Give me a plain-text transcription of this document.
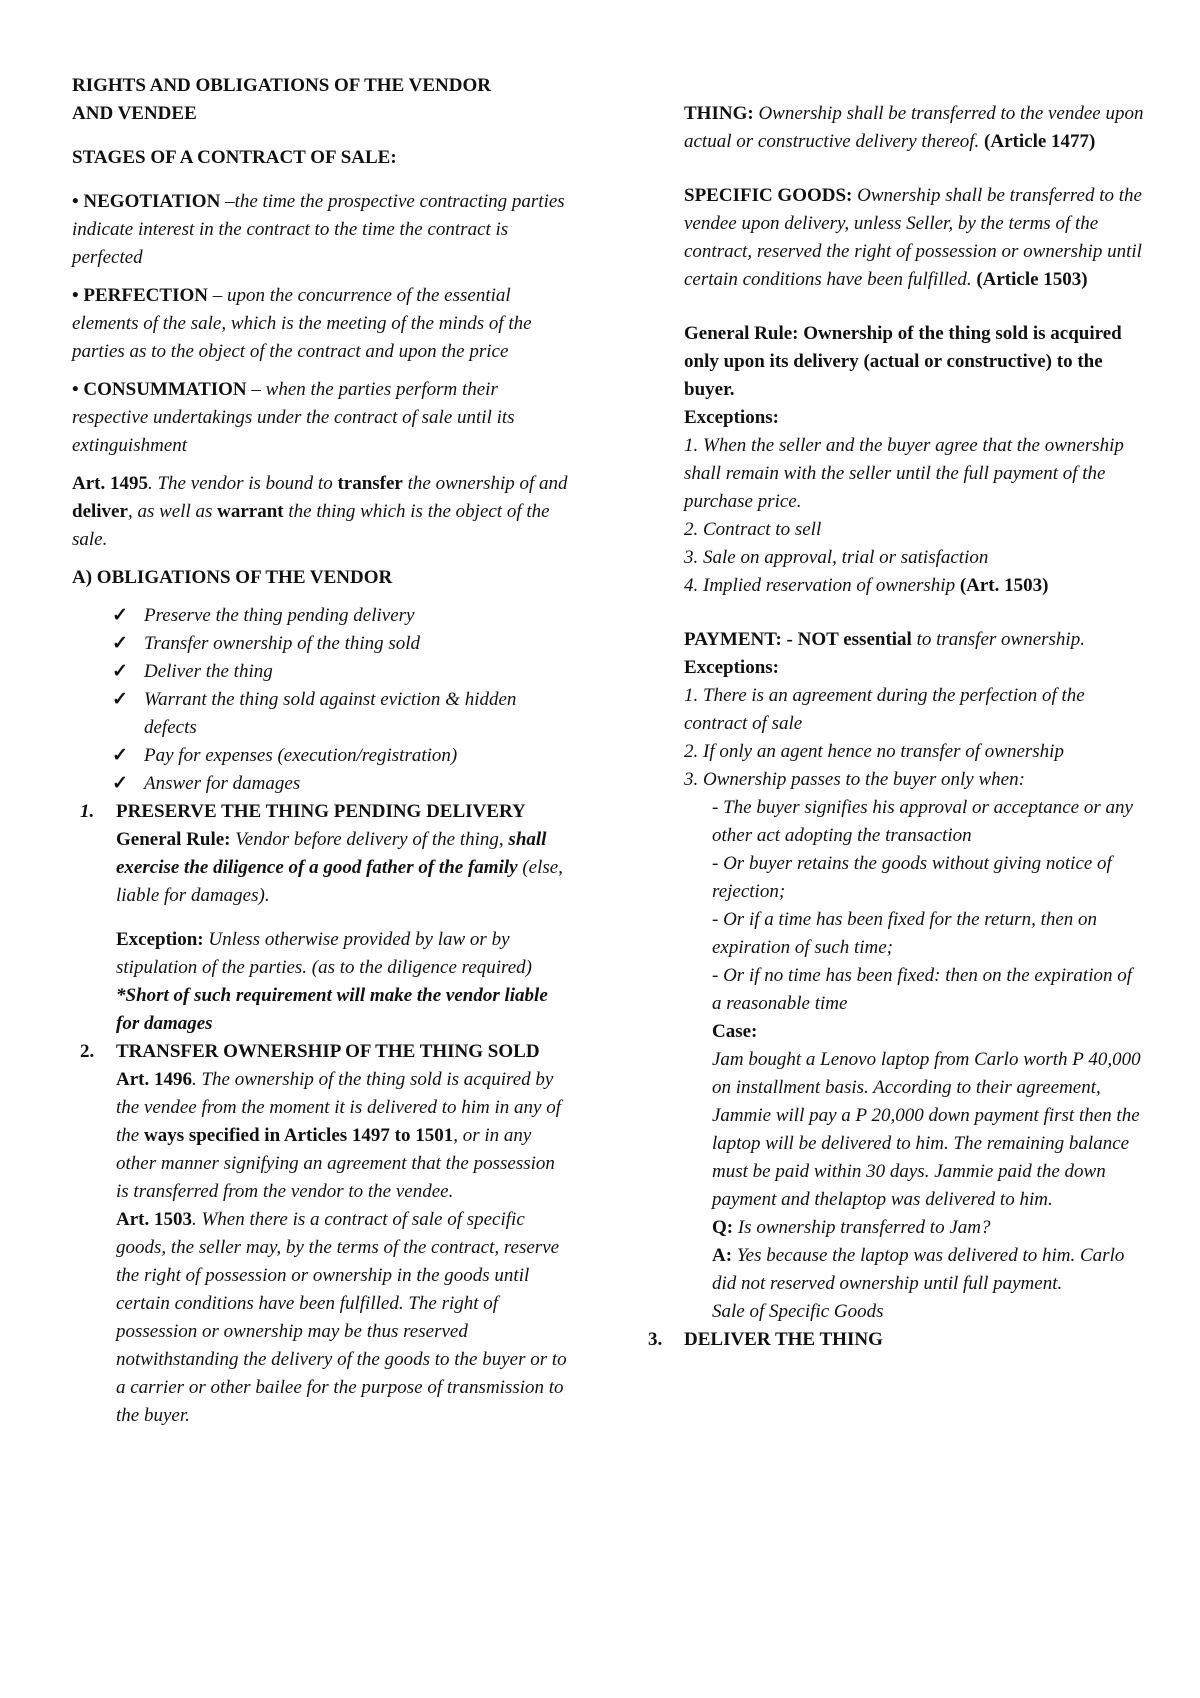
RIGHTS AND OBLIGATIONS OF THE VENDOR
AND VENDEE

STAGES OF A CONTRACT OF SALE:

• NEGOTIATION –the time the prospective contracting parties indicate interest in the contract to the time the contract is perfected

• PERFECTION – upon the concurrence of the essential elements of the sale, which is the meeting of the minds of the parties as to the object of the contract and upon the price

• CONSUMMATION – when the parties perform their respective undertakings under the contract of sale until its extinguishment

Art. 1495. The vendor is bound to transfer the ownership of and deliver, as well as warrant the thing which is the object of the sale.

A) OBLIGATIONS OF THE VENDOR

✓ Preserve the thing pending delivery
✓ Transfer ownership of the thing sold
✓ Deliver the thing
✓ Warrant the thing sold against eviction & hidden defects
✓ Pay for expenses (execution/registration)
✓ Answer for damages
1. PRESERVE THE THING PENDING DELIVERY

General Rule: Vendor before delivery of the thing, shall exercise the diligence of a good father of the family (else, liable for damages).

Exception: Unless otherwise provided by law or by stipulation of the parties. (as to the diligence required)

*Short of such requirement will make the vendor liable for damages

2. TRANSFER OWNERSHIP OF THE THING SOLD

Art. 1496. The ownership of the thing sold is acquired by the vendee from the moment it is delivered to him in any of the ways specified in Articles 1497 to 1501, or in any other manner signifying an agreement that the possession is transferred from the vendor to the vendee.

Art. 1503. When there is a contract of sale of specific goods, the seller may, by the terms of the contract, reserve the right of possession or ownership in the goods until certain conditions have been fulfilled. The right of possession or ownership may be thus reserved notwithstanding the delivery of the goods to the buyer or to a carrier or other bailee for the purpose of transmission to the buyer.

THING: Ownership shall be transferred to the vendee upon actual or constructive delivery thereof. (Article 1477)

SPECIFIC GOODS: Ownership shall be transferred to the vendee upon delivery, unless Seller, by the terms of the contract, reserved the right of possession or ownership until certain conditions have been fulfilled. (Article 1503)

General Rule: Ownership of the thing sold is acquired only upon its delivery (actual or constructive) to the buyer.

Exceptions:

1. When the seller and the buyer agree that the ownership shall remain with the seller until the full payment of the purchase price.

2. Contract to sell

3. Sale on approval, trial or satisfaction

4. Implied reservation of ownership (Art. 1503)

PAYMENT: - NOT essential to transfer ownership.

Exceptions:

1. There is an agreement during the perfection of the contract of sale

2. If only an agent hence no transfer of ownership

3. Ownership passes to the buyer only when:

- The buyer signifies his approval or acceptance or any other act adopting the transaction

- Or buyer retains the goods without giving notice of rejection;

- Or if a time has been fixed for the return, then on expiration of such time;

- Or if no time has been fixed: then on the expiration of a reasonable time

Case:

Jam bought a Lenovo laptop from Carlo worth P 40,000 on installment basis. According to their agreement, Jammie will pay a P 20,000 down payment first then the laptop will be delivered to him. The remaining balance must be paid within 30 days. Jammie paid the down payment and thelaptop was delivered to him.

Q: Is ownership transferred to Jam?

A: Yes because the laptop was delivered to him. Carlo did not reserved ownership until full payment.

Sale of Specific Goods

3. DELIVER THE THING
